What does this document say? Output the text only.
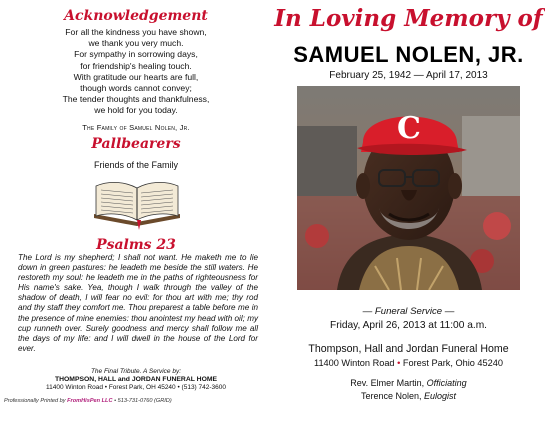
Acknowledgement
For all the kindness you have shown,
we thank you very much.
For sympathy in sorrowing days,
for friendship's healing touch.
With gratitude our hearts are full,
though words cannot convey;
The tender thoughts and thankfulness,
we hold for you today.
The Family of Samuel Nolen, Jr.
Pallbearers
Friends of the Family
Psalms 23
The Lord is my shepherd; I shall not want. He maketh me to lie down in green pastures: he leadeth me beside the still waters. He restoreth my soul: he leadeth me in the paths of righteousness for His name's sake. Yea, though I walk through the valley of the shadow of death, I will fear no evil: for thou art with me; thy rod and thy staff they comfort me. Thou preparest a table before me in the presence of mine enemies: thou anointest my head with oil; my cup runneth over. Surely goodness and mercy shall follow me all the days of my life: and I will dwell in the house of the Lord for ever.
The Final Tribute. A Service by:
THOMPSON, HALL and JORDAN FUNERAL HOME
11400 Winton Road • Forest Park, OH 45240 • (513) 742-3600
Professionally Printed by FromHisPen LLC • 513-731-0760 (GRID)
In Loving Memory of
SAMUEL NOLEN, JR.
February 25, 1942 — April 17, 2013
C
— Funeral Service —
Friday, April 26, 2013 at 11:00 a.m.
Thompson, Hall and Jordan Funeral Home
11400 Winton Road • Forest Park, Ohio 45240
Rev. Elmer Martin, Officiating
Terence Nolen, Eulogist
